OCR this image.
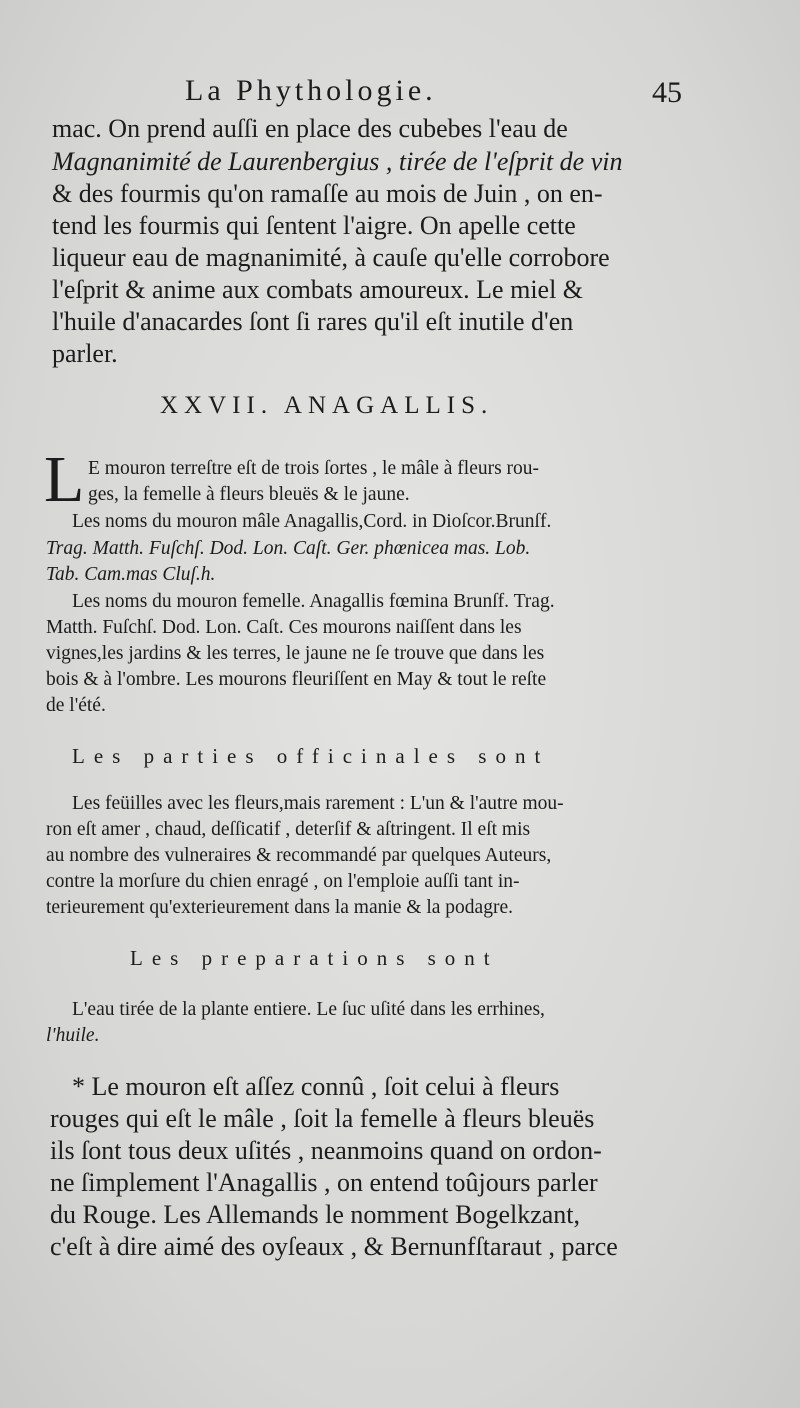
La Phythologie.	45
mac. On prend auſſi en place des cubebes l'eau de
Magnanimité de Laurenbergius , tirée de l'eſprit de vin
& des fourmis qu'on ramaſſe au mois de Juin , on en-
tend les fourmis qui ſentent l'aigre. On apelle cette
liqueur eau de magnanimité, à cauſe qu'elle corrobore
l'eſprit & anime aux combats amoureux. Le miel &
l'huile d'anacardes ſont ſi rares qu'il eſt inutile d'en
parler.
XXVII. ANAGALLIS.
L E mouron terreſtre eſt de trois ſortes , le mâle à fleurs rou-
ges, la femelle à fleurs bleuës & le jaune.
Les noms du mouron mâle Anagallis,Cord. in Dioſcor.Brunſf.
Trag. Matth. Fuſchſ. Dod. Lon. Caſt. Ger. phœnicea mas. Lob.
Tab. Cam.mas Cluſ.h.
Les noms du mouron femelle. Anagallis fœmina Brunſf. Trag.
Matth. Fuſchſ. Dod. Lon. Caſt. Ces mourons naiſſent dans les
vignes,les jardins & les terres, le jaune ne ſe trouve que dans les
bois & à l'ombre. Les mourons fleuriſſent en May & tout le reſte
de l'été.
Les parties officinales sont
Les feüilles avec les fleurs,mais rarement : L'un & l'autre mou-
ron eſt amer , chaud, deſſicatif , deterſif & aſtringent. Il eſt mis
au nombre des vulneraires & recommandé par quelques Auteurs,
contre la morſure du chien enragé , on l'emploie auſſi tant in-
terieurement qu'exterieurement dans la manie & la podagre.
Les preparations sont
L'eau tirée de la plante entiere. Le ſuc uſité dans les errhines,
l'huile.
* Le mouron eſt aſſez connû , ſoit celui à fleurs
rouges qui eſt le mâle , ſoit la femelle à fleurs bleuës
ils ſont tous deux uſités , neanmoins quand on ordon-
ne ſimplement l'Anagallis , on entend toûjours parler
du Rouge. Les Allemands le nomment Bogelkzant,
c'eſt à dire aimé des oyſeaux , & Bernunfſtaraut , parce
